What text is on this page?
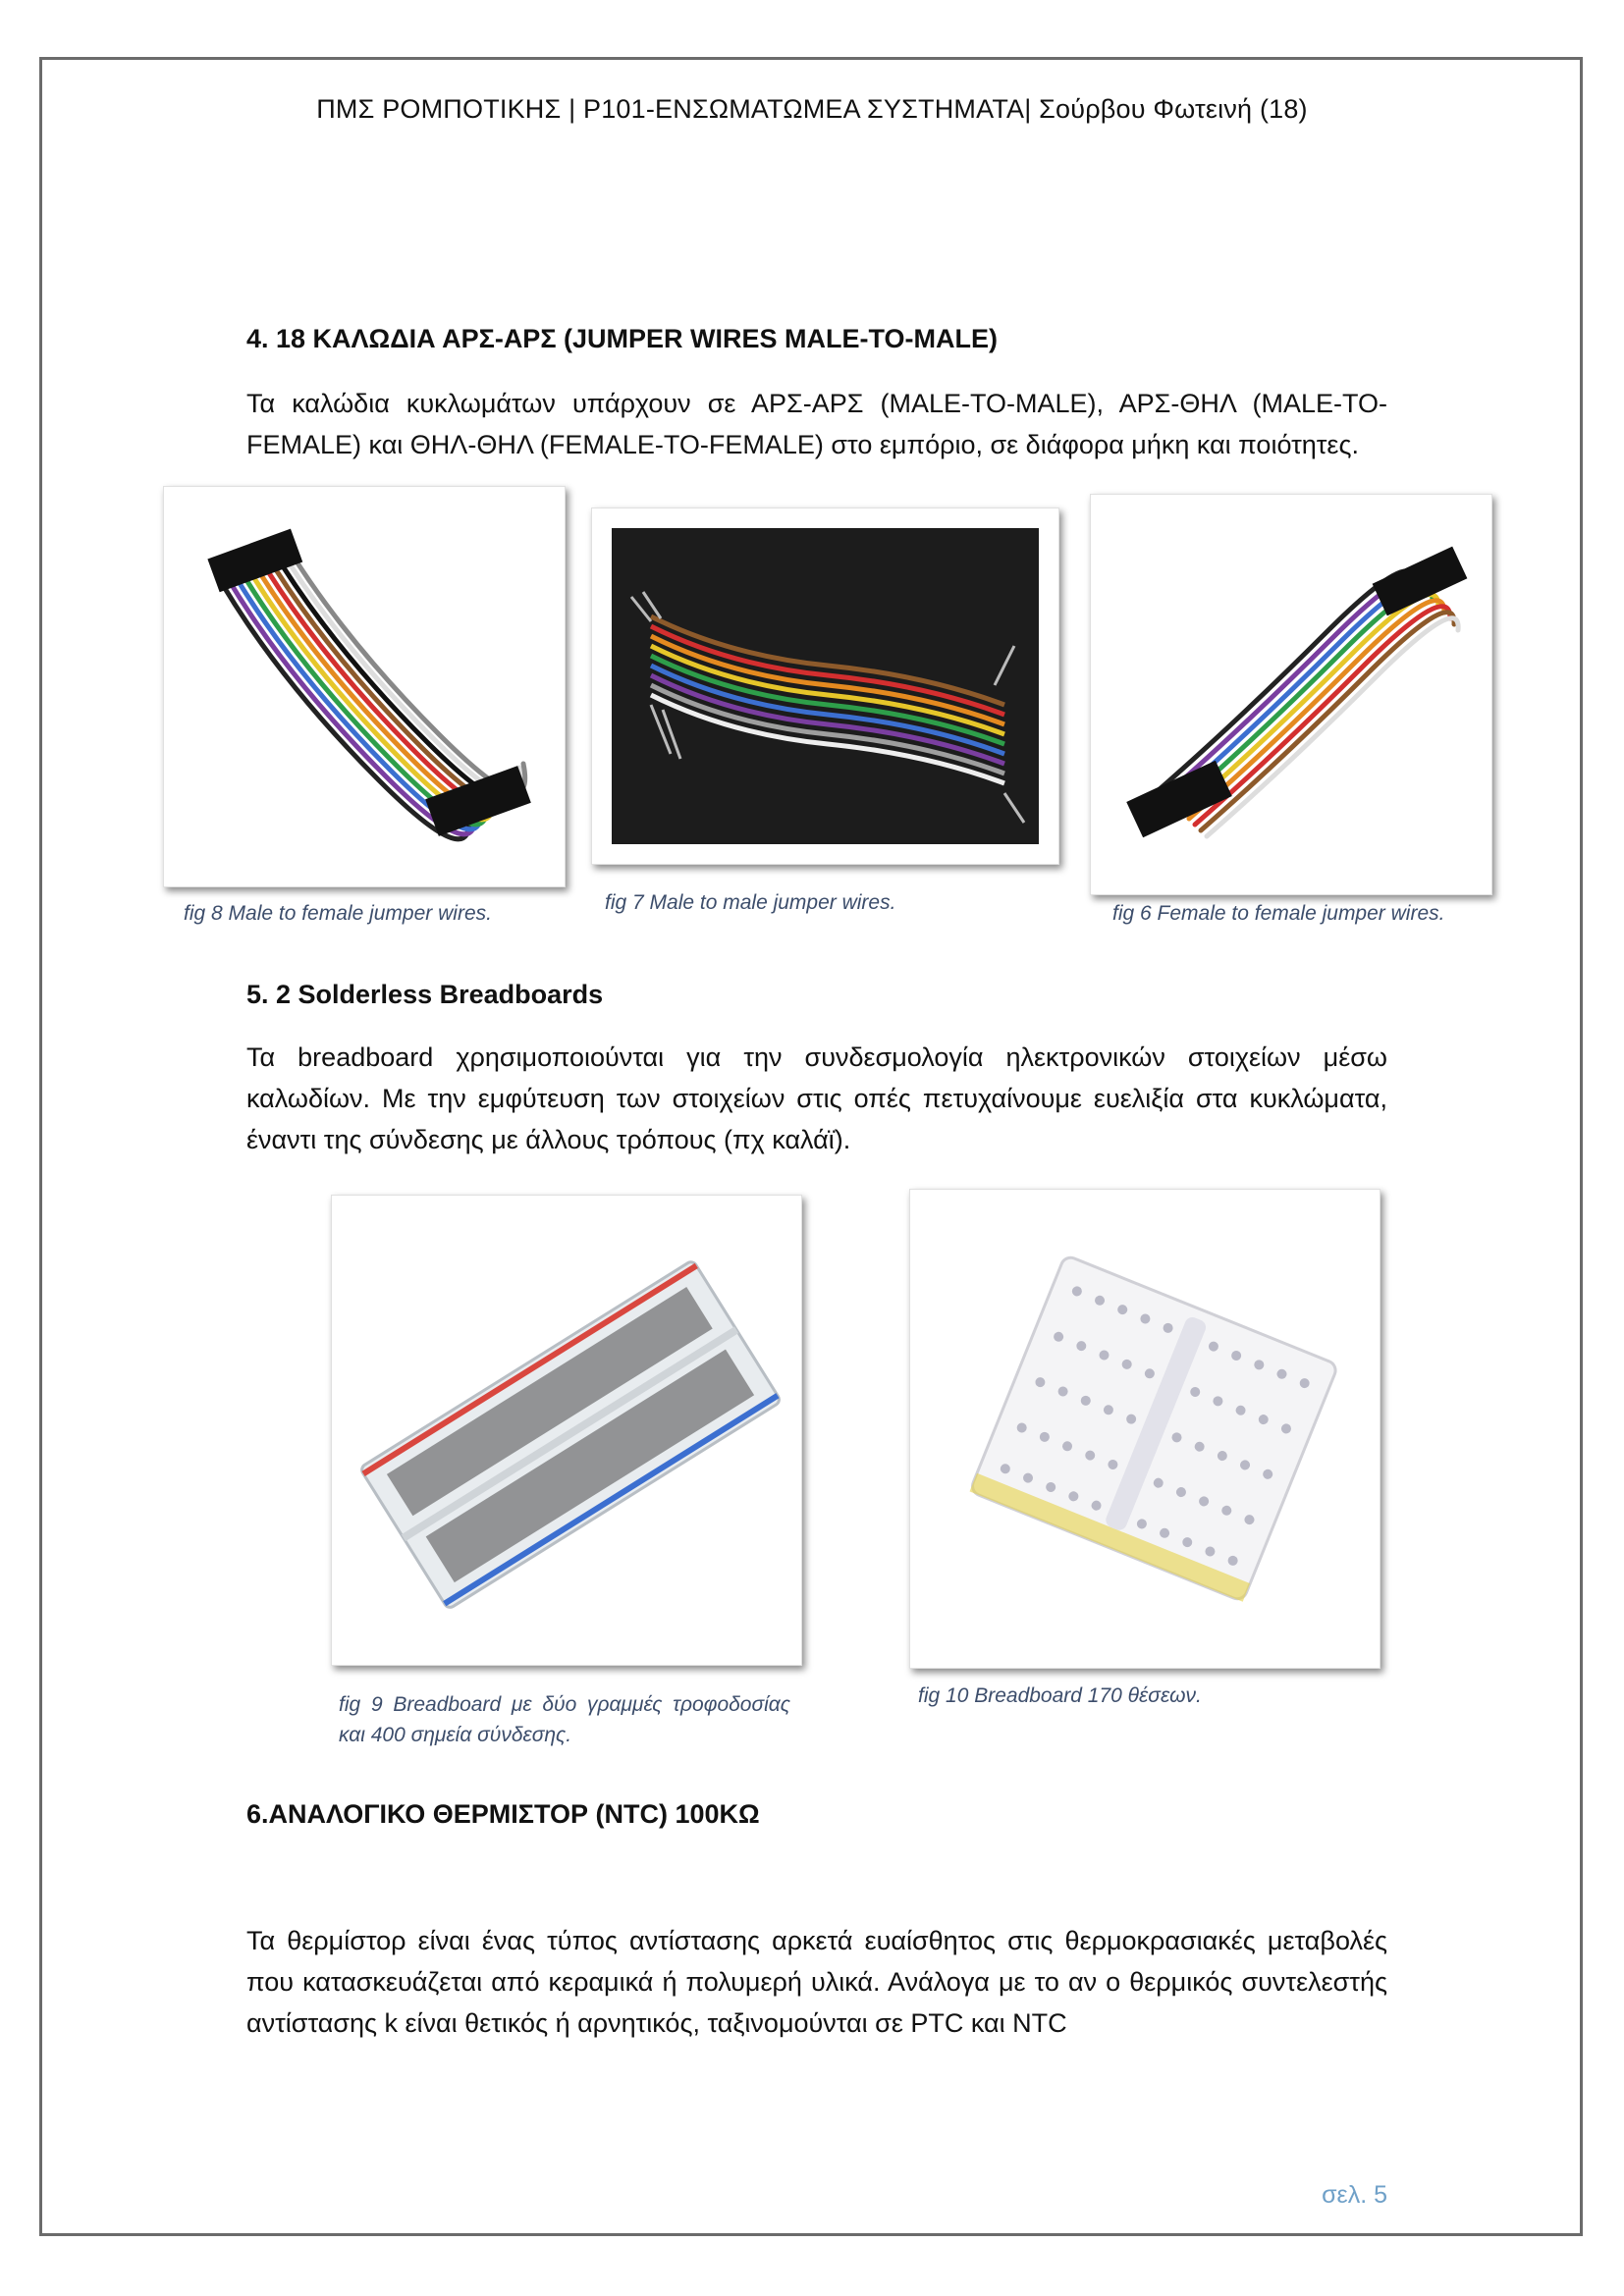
ΠΜΣ ΡΟΜΠΟΤΙΚΗΣ | P101-ΕΝΣΩΜΑΤΩΜΕΑ ΣΥΣΤΗΜΑΤΑ| Σούρβου Φωτεινή (18)
4. 18 ΚΑΛΩΔΙΑ ΑΡΣ-ΑΡΣ (JUMPER WIRES MALE-TO-MALE)
Τα καλώδια κυκλωμάτων υπάρχουν σε ΑΡΣ-ΑΡΣ (MALE-TO-MALE), ΑΡΣ-ΘΗΛ (MALE-TO-FEMALE) και ΘΗΛ-ΘΗΛ (FEMALE-TO-FEMALE) στο εμπόριο, σε διάφορα μήκη και ποιότητες.
fig 8 Male to female jumper wires.	fig 7 Male to male jumper wires.	fig 6 Female to female jumper wires.
5. 2 Solderless Breadboards
Τα breadboard χρησιμοποιούνται για την συνδεσμολογία ηλεκτρονικών στοιχείων μέσω καλωδίων. Με την εμφύτευση των στοιχείων στις οπές πετυχαίνουμε ευελιξία στα κυκλώματα, έναντι της σύνδεσης με άλλους τρόπους (πχ καλάϊ).
fig 9 Breadboard με δύο γραμμές τροφοδοσίας και 400 σημεία σύνδεσης.
fig 10 Breadboard 170 θέσεων.
6.ΑΝΑΛΟΓΙΚΟ ΘΕΡΜΙΣΤΟΡ (NTC) 100ΚΩ
Τα θερμίστορ είναι ένας τύπος αντίστασης αρκετά ευαίσθητος στις θερμοκρασιακές μεταβολές που κατασκευάζεται από κεραμικά ή πολυμερή υλικά. Ανάλογα με το αν ο θερμικός συντελεστής αντίστασης k είναι θετικός ή αρνητικός, ταξινομούνται σε PTC και NTC
σελ. 5
